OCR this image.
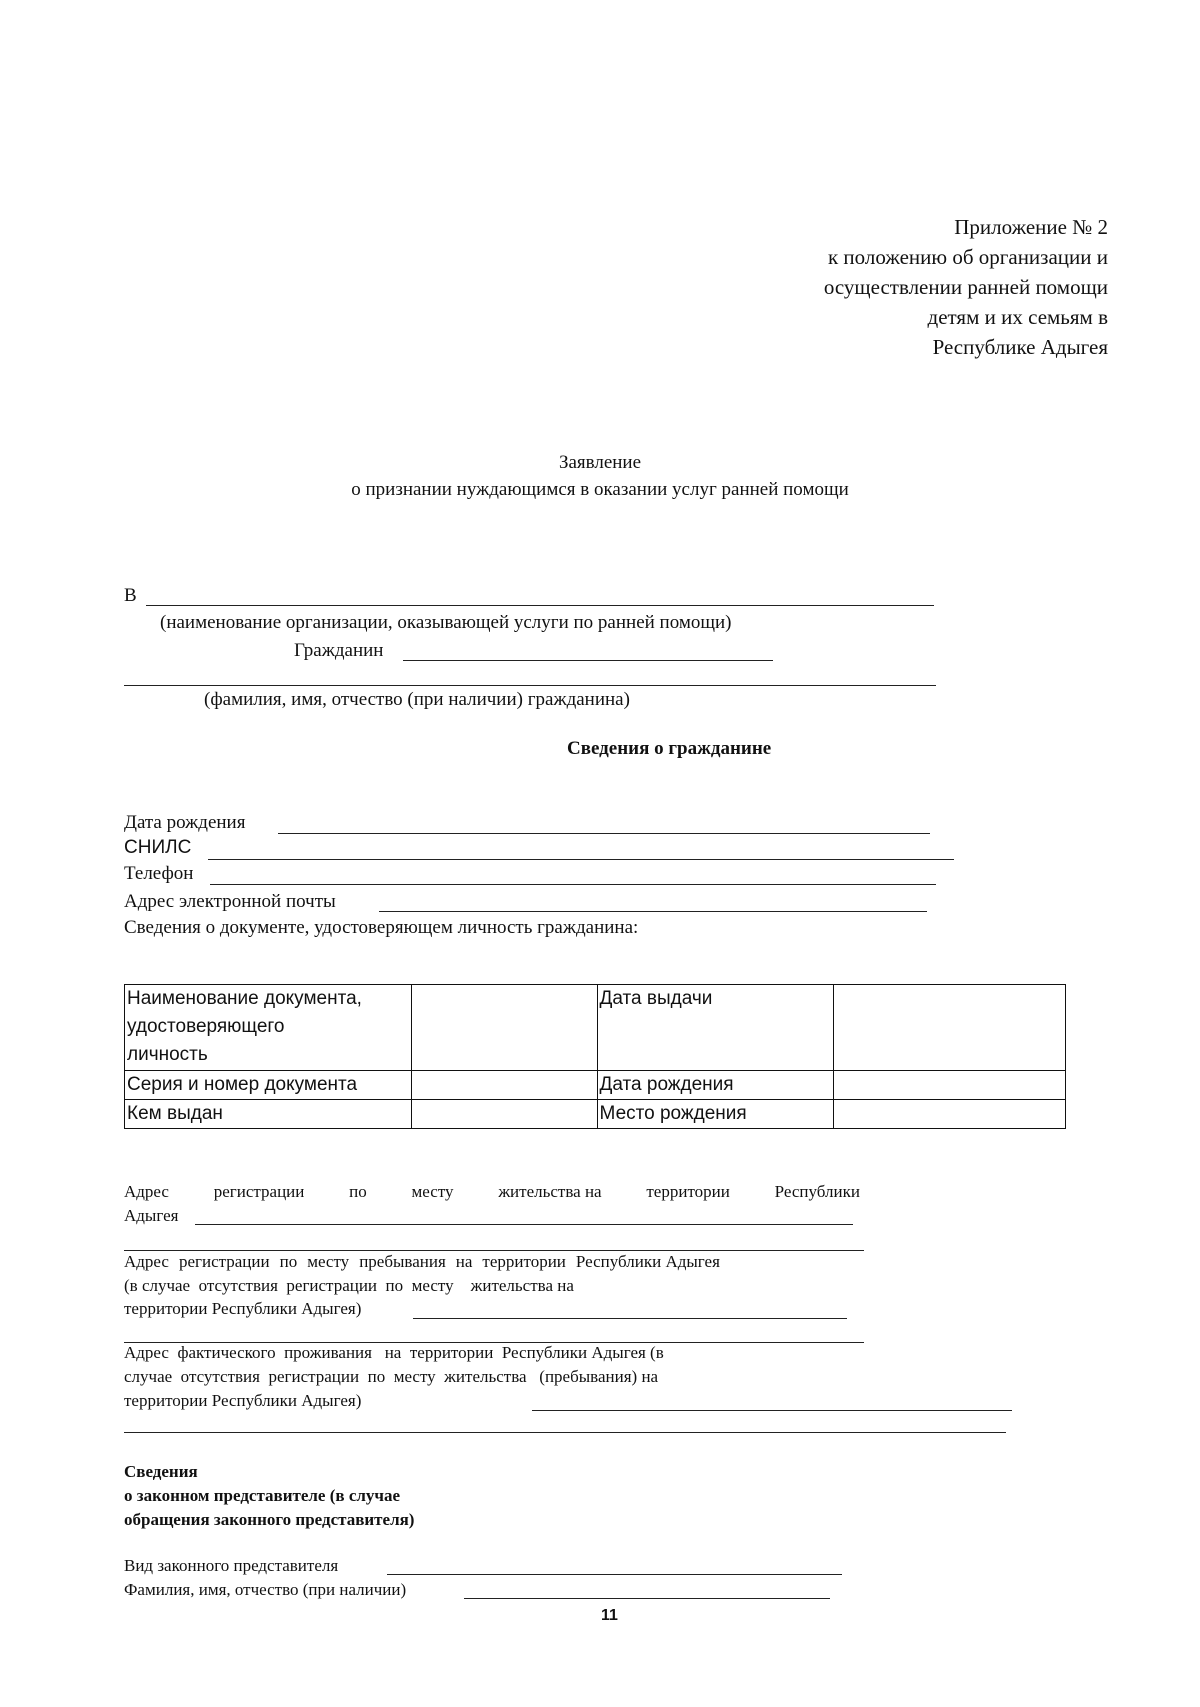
Приложение № 2
к положению об организации и
осуществлении ранней помощи
детям и их семьям в
Республике Адыгея
Заявление
о признании нуждающимся в оказании услуг ранней помощи
В
(наименование организации, оказывающей услуги по ранней помощи)
Гражданин
(фамилия, имя, отчество (при наличии) гражданина)
Сведения о гражданине
Дата рождения
СНИЛС
Телефон
Адрес электронной почты
Сведения о документе, удостоверяющем личность гражданина:
Наименование документа,
удостоверяющего
личность		Дата выдачи	

Серия и номер документа		Дата рождения	

Кем выдан		Место рождения	

Адрес	регистрации	по	месту	жительства на	территории	Республики
Адыгея
Адрес регистрации по месту пребывания на территории Республики Адыгея
(в случае  отсутствия  регистрации  по  месту    жительства на
территории Республики Адыгея)
Адрес  фактического  проживания   на  территории  Республики Адыгея (в
случае  отсутствия  регистрации  по  месту  жительства   (пребывания) на
территории Республики Адыгея)
Сведения
о законном представителе (в случае
обращения законного представителя)
Вид законного представителя
Фамилия, имя, отчество (при наличии)
11
